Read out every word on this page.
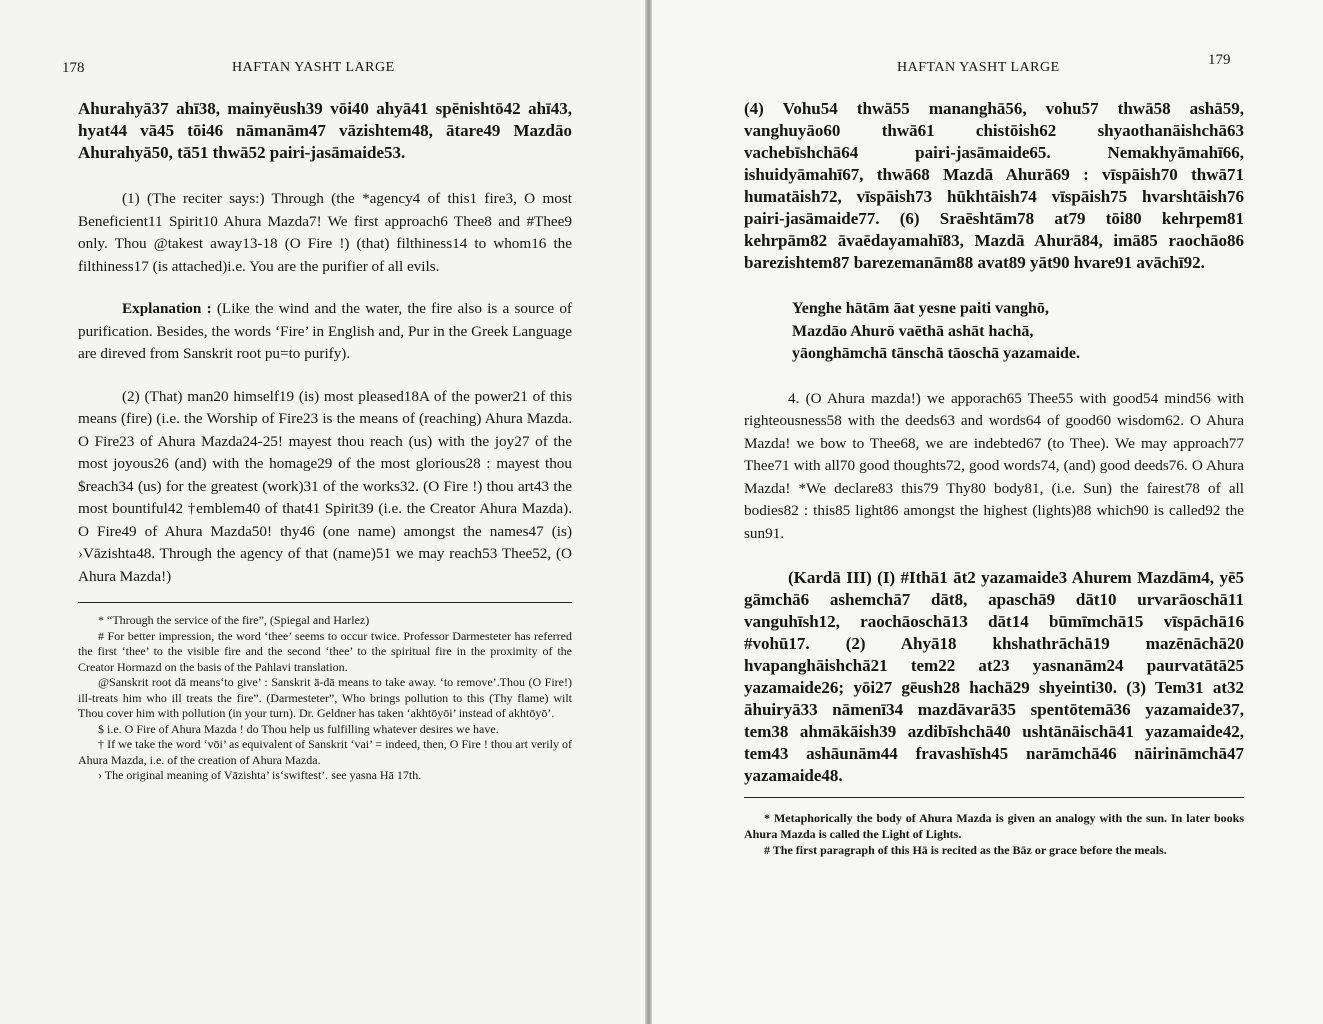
178	HAFTAN YASHT LARGE

Ahurahyā37 ahī38, mainyēush39 vōi40 ahyā41 spēnishtō42 ahī43, hyat44 vā45 tōi46 nāmanām47 vāzishtem48, ātare49 Mazdāo Ahurahyā50, tā51 thwā52 pairi-jasāmaide53.

(1) (The reciter says:) Through (the *agency4 of this1 fire3, O most Beneficient11 Spirit10 Ahura Mazda7! We first approach6 Thee8 and #Thee9 only. Thou @takest away13-18 (O Fire !) (that) filthiness14 to whom16 the filthiness17 (is attached)i.e. You are the purifier of all evils.

Explanation : (Like the wind and the water, the fire also is a source of purification. Besides, the words ‘Fire’ in English and, Pur in the Greek Language are direved from Sanskrit root pu=to purify).

(2) (That) man20 himself19 (is) most pleased18A of the power21 of this means (fire) (i.e. the Worship of Fire23 is the means of (reaching) Ahura Mazda. O Fire23 of Ahura Mazda24-25! mayest thou reach (us) with the joy27 of the most joyous26 (and) with the homage29 of the most glorious28 : mayest thou $reach34 (us) for the greatest (work)31 of the works32. (O Fire !) thou art43 the most bountiful42 †emblem40 of that41 Spirit39 (i.e. the Creator Ahura Mazda). O Fire49 of Ahura Mazda50! thy46 (one name) amongst the names47 (is) ›Vāzishta48. Through the agency of that (name)51 we may reach53 Thee52, (O Ahura Mazda!)

* “Through the service of the fire”, (Spiegal and Harlez)

# For better impression, the word ‘thee’ seems to occur twice. Professor Darmesteter has referred the first ‘thee’ to the visible fire and the second ‘thee’ to the spiritual fire in the proximity of the Creator Hormazd on the basis of the Pahlavi translation.

@Sanskrit root dā means‘to give’ : Sanskrit ā-dā means to take away. ‘to remove’.Thou (O Fire!) ill-treats him who ill treats the fire”. (Darmesteter”, Who brings pollution to this (Thy flame) wilt Thou cover him with pollution (in your turn). Dr. Geldner has taken ‘akhtōyōi’ instead of akhtōyō’.

$ i.e. O Fire of Ahura Mazda ! do Thou help us fulfilling whatever desires we have.

† If we take the word ‘vōi’ as equivalent of Sanskrit ‘vai’ = indeed, then, O Fire ! thou art verily of Ahura Mazda, i.e. of the creation of Ahura Mazda.

› The original meaning of Vāzishta’ is‘swiftest’. see yasna Hā 17th.

HAFTAN YASHT LARGE	179

(4) Vohu54 thwā55 mananghā56, vohu57 thwā58 ashā59, vanghuyāo60 thwā61 chistōish62 shyaothanāishchā63 vachebīshchā64 pairi-jasāmaide65. Nemakhyāmahī66, ishuidyāmahī67, thwā68 Mazdā Ahurā69 : vīspāish70 thwā71 humatāish72, vīspāish73 hūkhtāish74 vīspāish75 hvarshtāish76 pairi-jasāmaide77. (6) Sraēshtām78 at79 tōi80 kehrpem81 kehrpām82 āvaēdayamahī83, Mazdā Ahurā84, imā85 raochāo86 barezishtem87 barezemanām88 avat89 yāt90 hvare91 avāchī92.

Yenghe hātām āat yesne paiti vanghō,

Mazdāo Ahurō vaēthā ashāt hachā,

yāonghāmchā tānschā tāoschā yazamaide.

4. (O Ahura mazda!) we apporach65 Thee55 with good54 mind56 with righteousness58 with the deeds63 and words64 of good60 wisdom62. O Ahura Mazda! we bow to Thee68, we are indebted67 (to Thee). We may approach77 Thee71 with all70 good thoughts72, good words74, (and) good deeds76. O Ahura Mazda! *We declare83 this79 Thy80 body81, (i.e. Sun) the fairest78 of all bodies82 : this85 light86 amongst the highest (lights)88 which90 is called92 the sun91.

(Kardā III) (I) #Ithā1 āt2 yazamaide3 Ahurem Mazdām4, yē5 gāmchā6 ashemchā7 dāt8, apaschā9 dāt10 urvarāoschā11 vanguhīsh12, raochāoschā13 dāt14 būmīmchā15 vīspāchā16 #vohū17. (2) Ahyā18 khshathrāchā19 mazēnāchā20 hvapanghāishchā21 tem22 at23 yasnanām24 paurvatātā25 yazamaide26; yōi27 gēush28 hachā29 shyeinti30. (3) Tem31 at32 āhuiryā33 nāmenī34 mazdāvarā35 spentōtemā36 yazamaide37, tem38 ahmākāish39 azdibīshchā40 ushtānāischā41 yazamaide42, tem43 ashāunām44 fravashīsh45 narāmchā46 nāirināmchā47 yazamaide48.

* Metaphorically the body of Ahura Mazda is given an analogy with the sun. In later books Ahura Mazda is called the Light of Lights.

# The first paragraph of this Hā is recited as the Bāz or grace before the meals.
